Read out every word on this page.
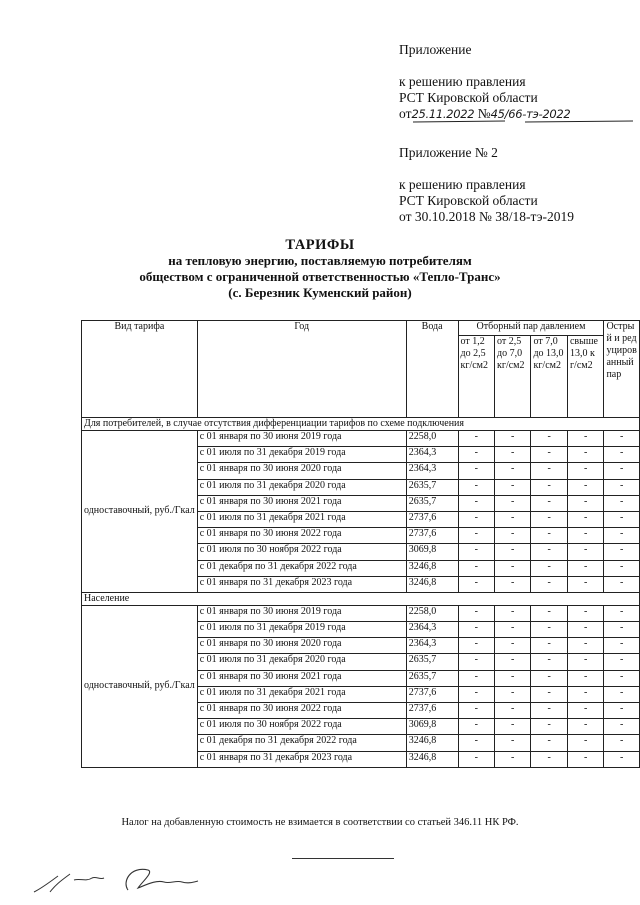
Приложение
к решению правления
РСТ Кировской области
от25.11.2022 №45/66-тэ-2022
Приложение № 2
к решению правления
РСТ Кировской области
от 30.10.2018 № 38/18-тэ-2019
ТАРИФЫ
на тепловую энергию, поставляемую потребителям
обществом с ограниченной ответственностью «Тепло-Транс»
(с. Березник Куменский район)
Вид тарифа	Год	Вода	Отборный пар давлением				Острый и редуцированный пар
			от 1,2 до 2,5 кг/см2	от 2,5 до 7,0 кг/см2	от 7,0 до 13,0 кг/см2	свыше 13,0 кг/см2	
Для потребителей, в случае отсутствия дифференциации тарифов по схеме подключения							
одноставочный, руб./Гкал	с 01 января по 30 июня 2019 года	2258,0	-	-	-	-	-
	с 01 июля по 31 декабря 2019 года	2364,3	-	-	-	-	-
	с 01 января по 30 июня 2020 года	2364,3	-	-	-	-	-
	с 01 июля по 31 декабря 2020 года	2635,7	-	-	-	-	-
	с 01 января по 30 июня 2021 года	2635,7	-	-	-	-	-
	с 01 июля по 31 декабря 2021 года	2737,6	-	-	-	-	-
	с 01 января по 30 июня 2022 года	2737,6	-	-	-	-	-
	с 01 июля по 30 ноября 2022 года	3069,8	-	-	-	-	-
	с 01 декабря по 31 декабря 2022 года	3246,8	-	-	-	-	-
	с 01 января по 31 декабря 2023 года	3246,8	-	-	-	-	-
Население							
одноставочный, руб./Гкал	с 01 января по 30 июня 2019 года	2258,0	-	-	-	-	-
	с 01 июля по 31 декабря 2019 года	2364,3	-	-	-	-	-
	с 01 января по 30 июня 2020 года	2364,3	-	-	-	-	-
	с 01 июля по 31 декабря 2020 года	2635,7	-	-	-	-	-
	с 01 января по 30 июня 2021 года	2635,7	-	-	-	-	-
	с 01 июля по 31 декабря 2021 года	2737,6	-	-	-	-	-
	с 01 января по 30 июня 2022 года	2737,6	-	-	-	-	-
	с 01 июля по 30 ноября 2022 года	3069,8	-	-	-	-	-
	с 01 декабря по 31 декабря 2022 года	3246,8	-	-	-	-	-
	с 01 января по 31 декабря 2023 года	3246,8	-	-	-	-	-
Налог на добавленную стоимость не взимается в соответствии со статьей 346.11 НК РФ.
